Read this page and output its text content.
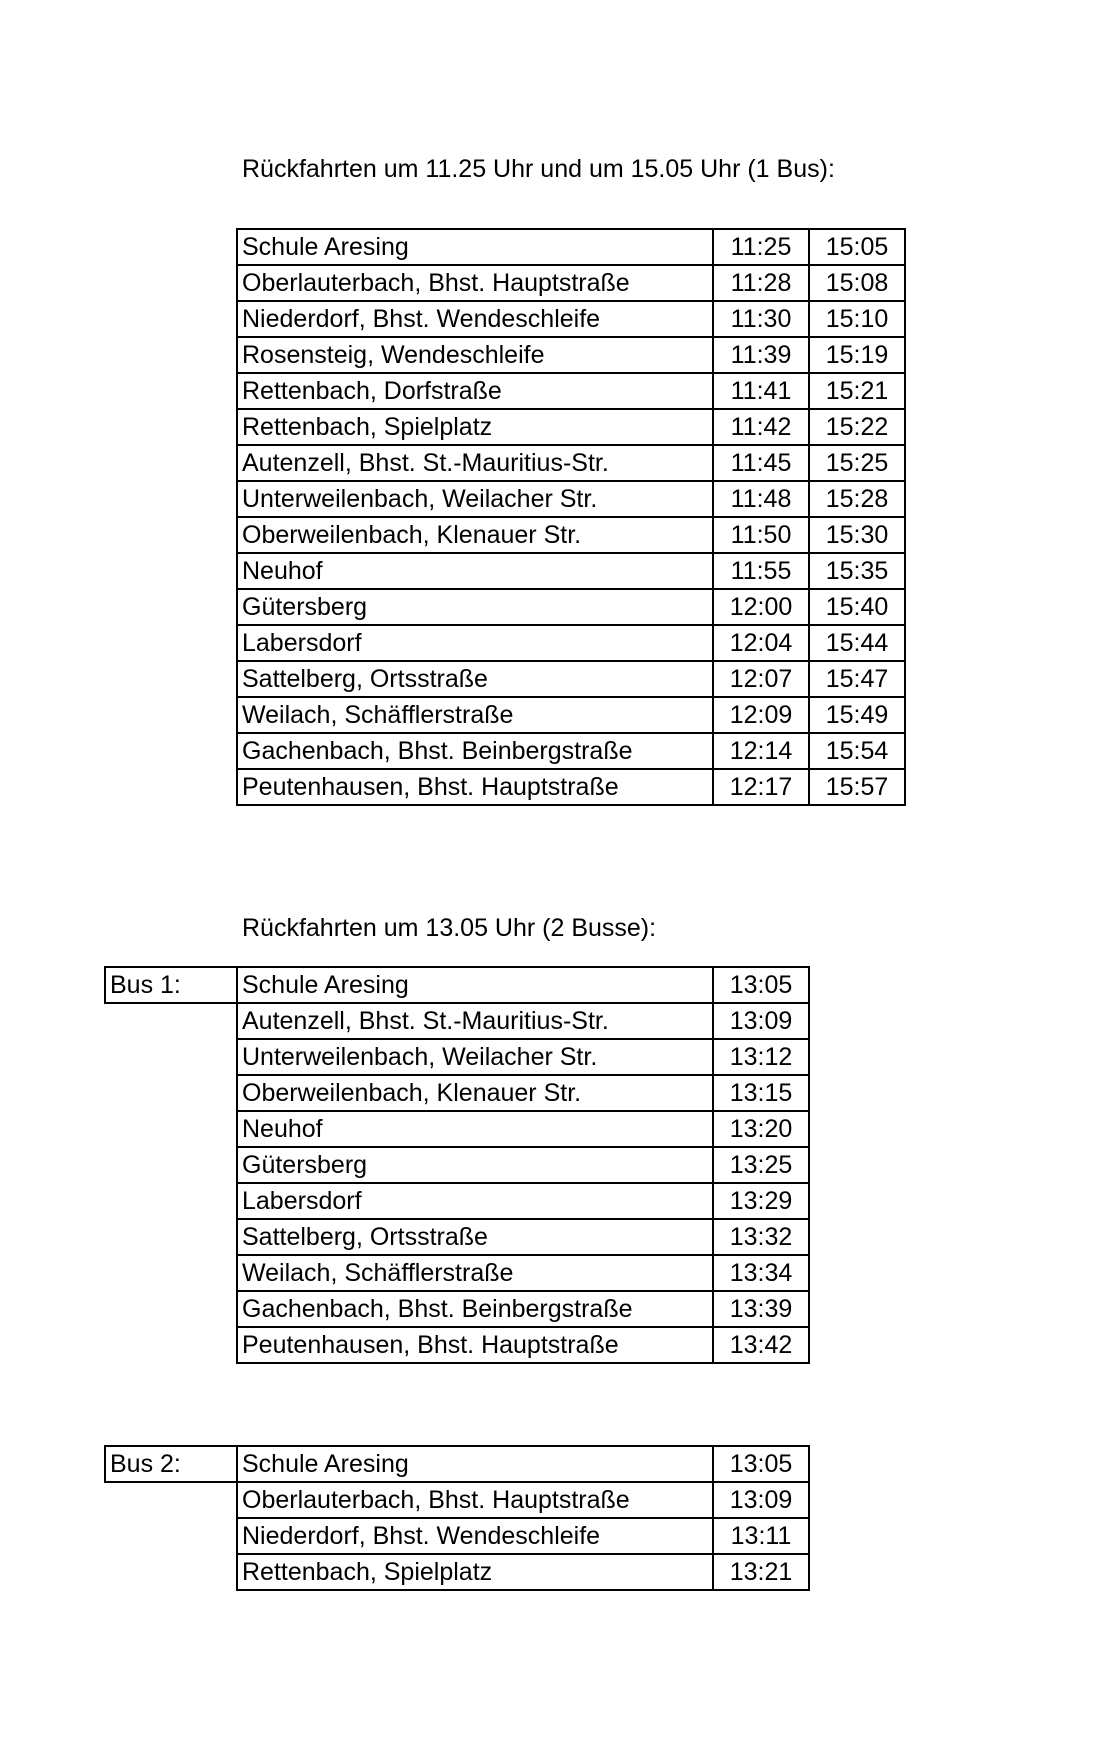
Rückfahrten um 11.25 Uhr und um 15.05 Uhr (1 Bus):
Schule Aresing	11:25	15:05
Oberlauterbach, Bhst. Hauptstraße	11:28	15:08
Niederdorf, Bhst. Wendeschleife	11:30	15:10
Rosensteig, Wendeschleife	11:39	15:19
Rettenbach, Dorfstraße	11:41	15:21
Rettenbach, Spielplatz	11:42	15:22
Autenzell, Bhst. St.-Mauritius-Str.	11:45	15:25
Unterweilenbach, Weilacher Str.	11:48	15:28
Oberweilenbach, Klenauer Str.	11:50	15:30
Neuhof	11:55	15:35
Gütersberg	12:00	15:40
Labersdorf	12:04	15:44
Sattelberg, Ortsstraße	12:07	15:47
Weilach, Schäfflerstraße	12:09	15:49
Gachenbach, Bhst. Beinbergstraße	12:14	15:54
Peutenhausen, Bhst. Hauptstraße	12:17	15:57
Rückfahrten um 13.05 Uhr (2 Busse):
Bus 1:	Schule Aresing	13:05
	Autenzell, Bhst. St.-Mauritius-Str.	13:09
	Unterweilenbach, Weilacher Str.	13:12
	Oberweilenbach, Klenauer Str.	13:15
	Neuhof	13:20
	Gütersberg	13:25
	Labersdorf	13:29
	Sattelberg, Ortsstraße	13:32
	Weilach, Schäfflerstraße	13:34
	Gachenbach, Bhst. Beinbergstraße	13:39
	Peutenhausen, Bhst. Hauptstraße	13:42
Bus 2:	Schule Aresing	13:05
	Oberlauterbach, Bhst. Hauptstraße	13:09
	Niederdorf, Bhst. Wendeschleife	13:11
	Rettenbach, Spielplatz	13:21
